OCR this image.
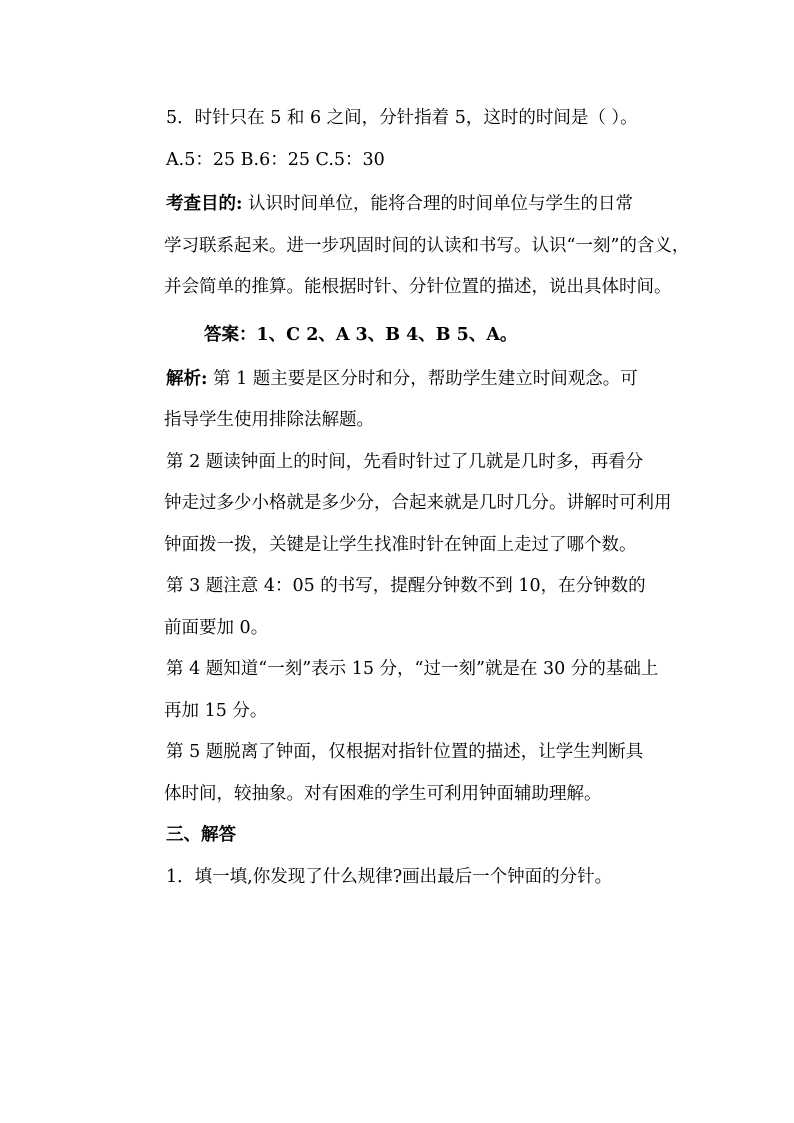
5．时针只在 5 和 6 之间，分针指着 5，这时的时间是（ ）。

A.5：25 B.6：25 C.5：30

考查目的: 认识时间单位，能将合理的时间单位与学生的日常
学习联系起来。进一步巩固时间的认读和书写。认识“一刻”的含义，
并会简单的推算。能根据时针、分针位置的描述，说出具体时间。

答案：1、C 2、A 3、B 4、B 5、A。

解析: 第 1 题主要是区分时和分，帮助学生建立时间观念。可
指导学生使用排除法解题。

第 2 题读钟面上的时间，先看时针过了几就是几时多，再看分
钟走过多少小格就是多少分，合起来就是几时几分。讲解时可利用
钟面拨一拨，关键是让学生找准时针在钟面上走过了哪个数。

第 3 题注意 4：05 的书写，提醒分钟数不到 10，在分钟数的
前面要加 0。

第 4 题知道“一刻”表示 15 分，“过一刻”就是在 30 分的基础上
再加 15 分。

第 5 题脱离了钟面，仅根据对指针位置的描述，让学生判断具
体时间，较抽象。对有困难的学生可利用钟面辅助理解。

三、解答

1．填一填,你发现了什么规律?画出最后一个钟面的分针。
